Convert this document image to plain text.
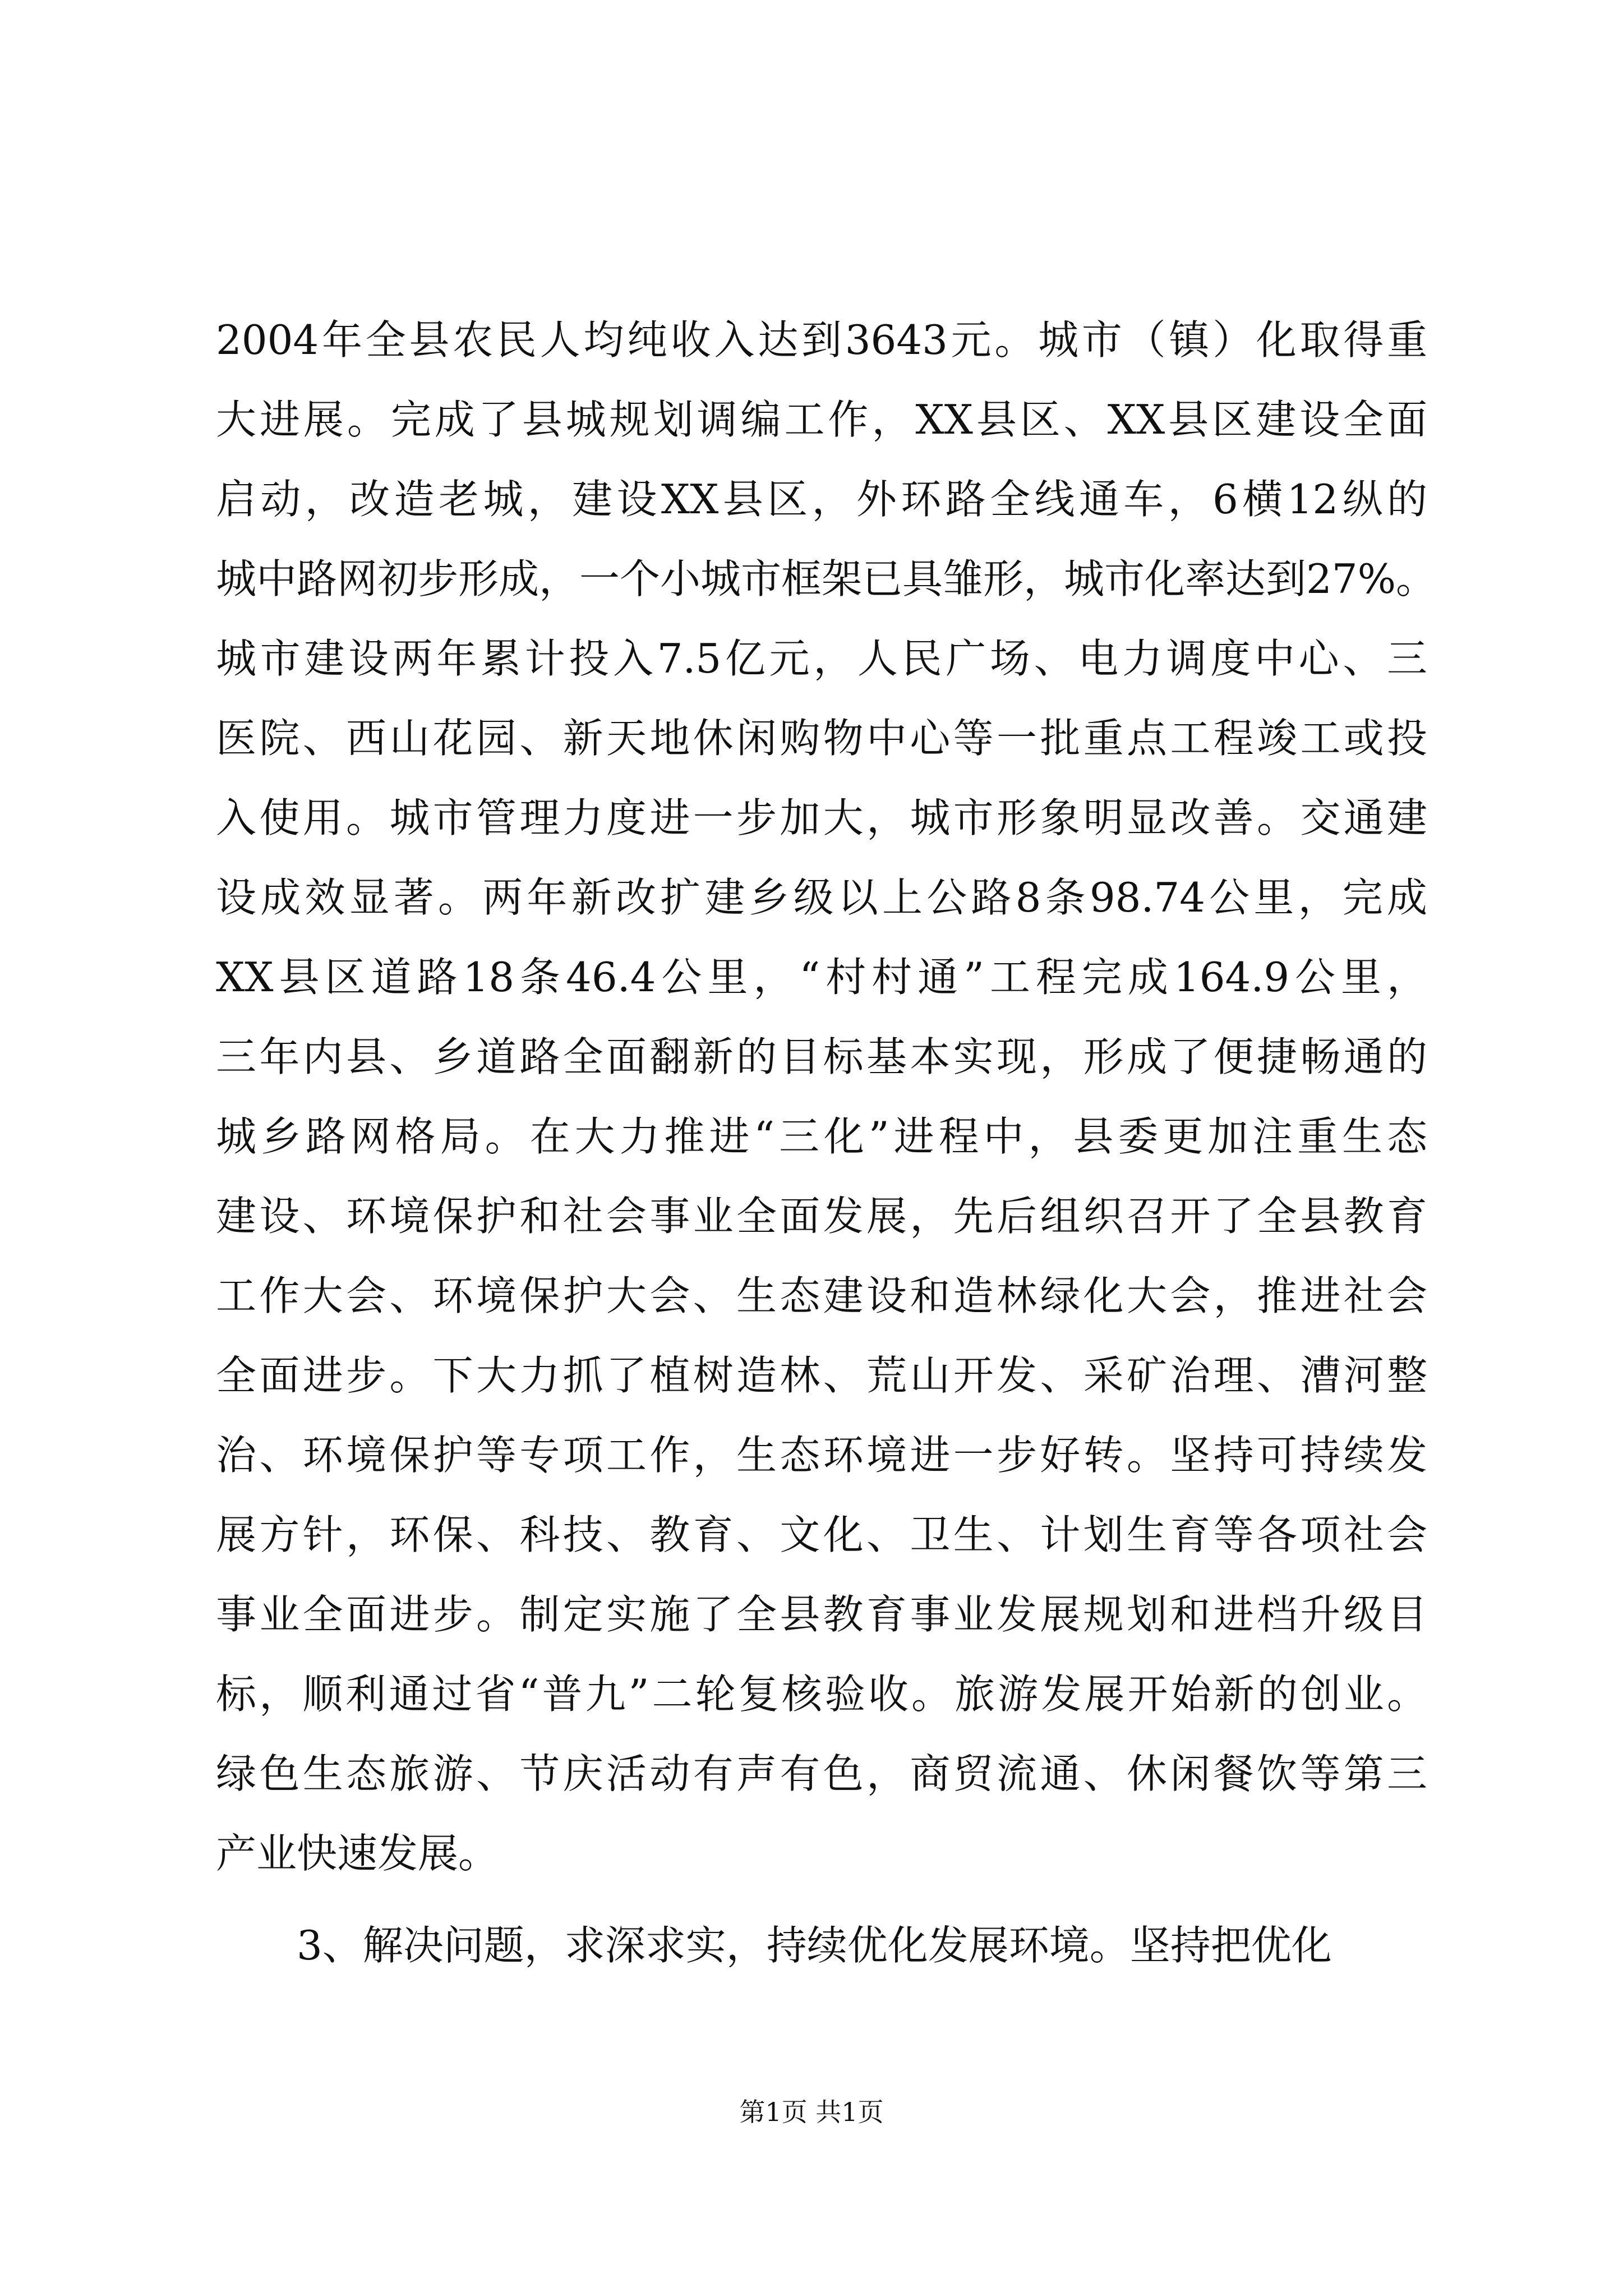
2004年全县农民人均纯收入达到3643元。城市（镇）化取得重
大进展。完成了县城规划调编工作，XX县区、XX县区建设全面
启动，改造老城，建设XX县区，外环路全线通车，6横12纵的
城中路网初步形成，一个小城市框架已具雏形，城市化率达到27%。
城市建设两年累计投入7.5亿元，人民广场、电力调度中心、三
医院、西山花园、新天地休闲购物中心等一批重点工程竣工或投
入使用。城市管理力度进一步加大，城市形象明显改善。交通建
设成效显著。两年新改扩建乡级以上公路8条98.74公里，完成
XX县区道路18条46.4公里，“村村通”工程完成164.9公里，
三年内县、乡道路全面翻新的目标基本实现，形成了便捷畅通的
城乡路网格局。在大力推进“三化”进程中，县委更加注重生态
建设、环境保护和社会事业全面发展，先后组织召开了全县教育
工作大会、环境保护大会、生态建设和造林绿化大会，推进社会
全面进步。下大力抓了植树造林、荒山开发、采矿治理、漕河整
治、环境保护等专项工作，生态环境进一步好转。坚持可持续发
展方针，环保、科技、教育、文化、卫生、计划生育等各项社会
事业全面进步。制定实施了全县教育事业发展规划和进档升级目
标，顺利通过省“普九”二轮复核验收。旅游发展开始新的创业。
绿色生态旅游、节庆活动有声有色，商贸流通、休闲餐饮等第三
产业快速发展。
3、解决问题，求深求实，持续优化发展环境。坚持把优化
第1页 共1页
